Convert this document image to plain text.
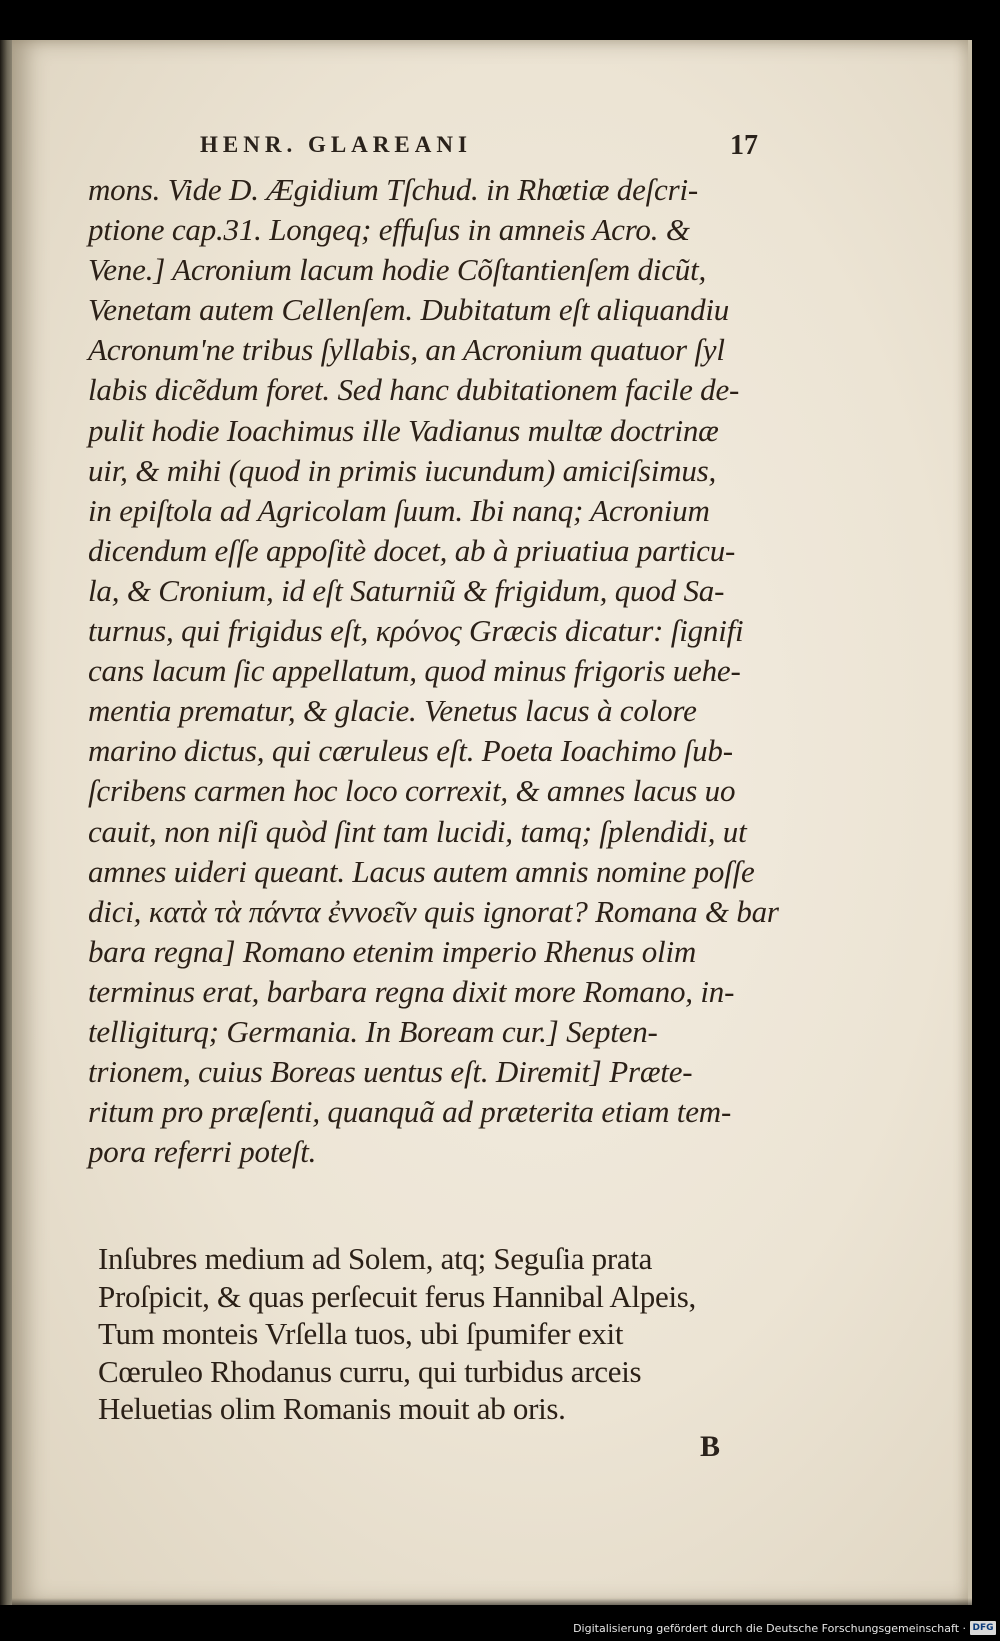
HENR. GLAREANI	17
mons. Vide D. Ægidium Tſchud. in Rhœtiæ deſcri-
ptione cap.31. Longeq; effuſus in amneis Acro. &
Vene.] Acronium lacum hodie Cõſtantienſem dicũt,
Venetam autem Cellenſem. Dubitatum eſt aliquandiu
Acronum'ne tribus ſyllabis, an Acronium quatuor ſyl
labis dicẽdum foret. Sed hanc dubitationem facile de-
pulit hodie Ioachimus ille Vadianus multæ doctrinæ
uir, & mihi (quod in primis iucundum) amiciſsimus,
in epiſtola ad Agricolam ſuum. Ibi nanq; Acronium
dicendum eſſe appoſitè docet, ab à priuatiua particu-
la, & Cronium, id eſt Saturniũ & frigidum, quod Sa-
turnus, qui frigidus eſt, κρόνος Græcis dicatur: ſignifi
cans lacum ſic appellatum, quod minus frigoris uehe-
mentia prematur, & glacie. Venetus lacus à colore
marino dictus, qui cæruleus eſt. Poeta Ioachimo ſub-
ſcribens carmen hoc loco correxit, & amnes lacus uo
cauit, non niſi quòd ſint tam lucidi, tamq; ſplendidi, ut
amnes uideri queant. Lacus autem amnis nomine poſſe
dici, κατὰ τὰ πάντα ἐννοεῖν quis ignorat? Romana & bar
bara regna] Romano etenim imperio Rhenus olim
terminus erat, barbara regna dixit more Romano, in-
telligiturq; Germania. In Boream cur.] Septen-
trionem, cuius Boreas uentus eſt. Diremit] Præte-
ritum pro præſenti, quanquã ad præterita etiam tem-
pora referri poteſt.
Inſubres medium ad Solem, atq; Seguſia prata
Proſpicit, & quas perſecuit ferus Hannibal Alpeis,
Tum monteis Vrſella tuos, ubi ſpumifer exit
Cœruleo Rhodanus curru, qui turbidus arceis
Heluetias olim Romanis mouit ab oris.
B
Digitalisierung gefördert durch die Deutsche Forschungsgemeinschaft · DFG
